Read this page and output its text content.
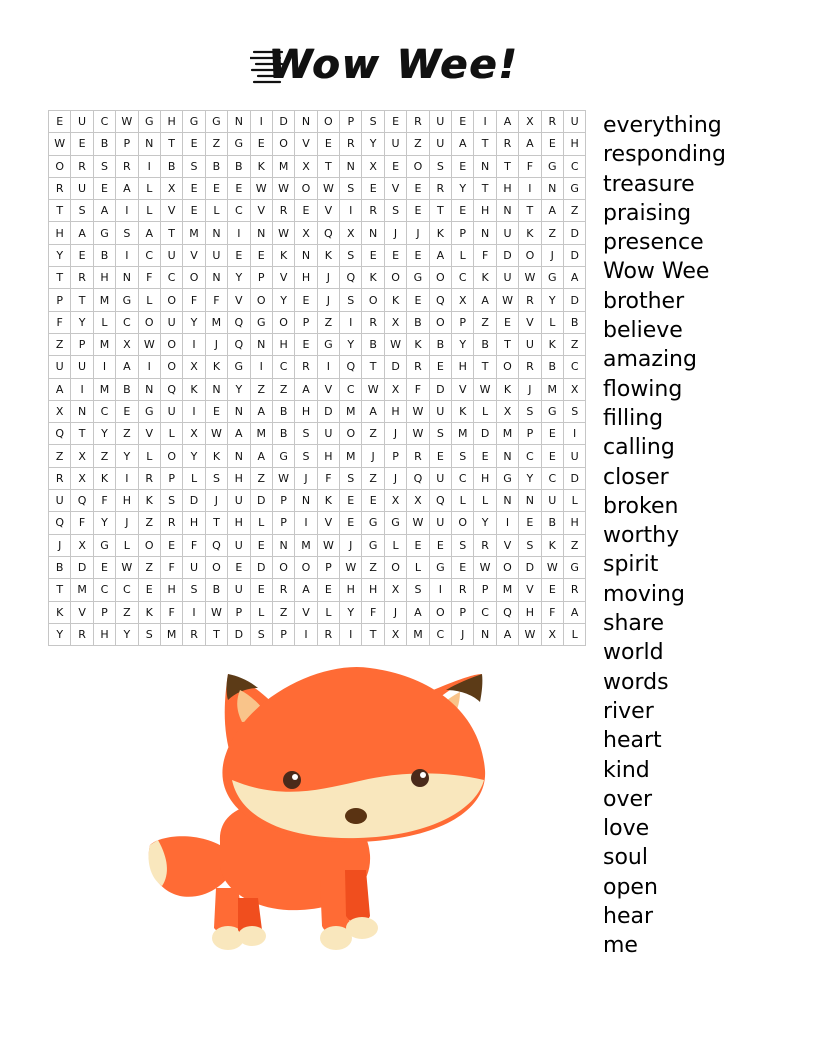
Wow Wee!
E	U	C	W	G	H	G	G	N	I	D	N	O	P	S	E	R	U	E	I	A	X	R	U
W	E	B	P	N	T	E	Z	G	E	O	V	E	R	Y	U	Z	U	A	T	R	A	E	H
O	R	S	R	I	B	S	B	B	K	M	X	T	N	X	E	O	S	E	N	T	F	G	C
R	U	E	A	L	X	E	E	E	W	W	O	W	S	E	V	E	R	Y	T	H	I	N	G
T	S	A	I	L	V	E	L	C	V	R	E	V	I	R	S	E	T	E	H	N	T	A	Z
H	A	G	S	A	T	M	N	I	N	W	X	Q	X	N	J	J	K	P	N	U	K	Z	D
Y	E	B	I	C	U	V	U	E	E	K	N	K	S	E	E	E	A	L	F	D	O	J	D
T	R	H	N	F	C	O	N	Y	P	V	H	J	Q	K	O	G	O	C	K	U	W	G	A
P	T	M	G	L	O	F	F	V	O	Y	E	J	S	O	K	E	Q	X	A	W	R	Y	D
F	Y	L	C	O	U	Y	M	Q	G	O	P	Z	I	R	X	B	O	P	Z	E	V	L	B
Z	P	M	X	W	O	I	J	Q	N	H	E	G	Y	B	W	K	B	Y	B	T	U	K	Z
U	U	I	A	I	O	X	K	G	I	C	R	I	Q	T	D	R	E	H	T	O	R	B	C
A	I	M	B	N	Q	K	N	Y	Z	Z	A	V	C	W	X	F	D	V	W	K	J	M	X
X	N	C	E	G	U	I	E	N	A	B	H	D	M	A	H	W	U	K	L	X	S	G	S
Q	T	Y	Z	V	L	X	W	A	M	B	S	U	O	Z	J	W	S	M	D	M	P	E	I
Z	X	Z	Y	L	O	Y	K	N	A	G	S	H	M	J	P	R	E	S	E	N	C	E	U
R	X	K	I	R	P	L	S	H	Z	W	J	F	S	Z	J	Q	U	C	H	G	Y	C	D
U	Q	F	H	K	S	D	J	U	D	P	N	K	E	E	X	X	Q	L	L	N	N	U	L
Q	F	Y	J	Z	R	H	T	H	L	P	I	V	E	G	G	W	U	O	Y	I	E	B	H
J	X	G	L	O	E	F	Q	U	E	N	M	W	J	G	L	E	E	S	R	V	S	K	Z
B	D	E	W	Z	F	U	O	E	D	O	O	P	W	Z	O	L	G	E	W	O	D	W	G
T	M	C	C	E	H	S	B	U	E	R	A	E	H	H	X	S	I	R	P	M	V	E	R
K	V	P	Z	K	F	I	W	P	L	Z	V	L	Y	F	J	A	O	P	C	Q	H	F	A
Y	R	H	Y	S	M	R	T	D	S	P	I	R	I	T	X	M	C	J	N	A	W	X	L
everything
responding
treasure
praising
presence
Wow Wee
brother
believe
amazing
flowing
filling
calling
closer
broken
worthy
spirit
moving
share
world
words
river
heart
kind
over
love
soul
open
hear
me
